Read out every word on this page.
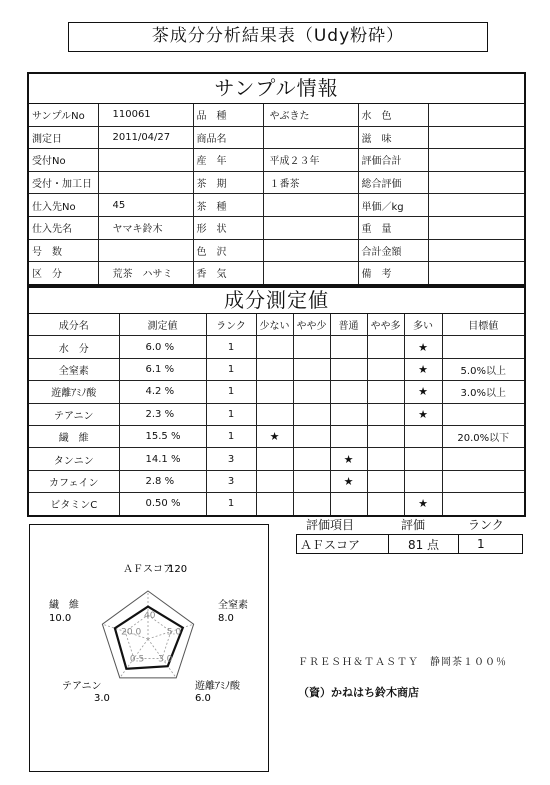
茶成分分析結果表（Udy粉砕）
サンプル情報
サンプルNo	110061	品　種	やぶきた	水　色	
測定日	2011/04/27	商品名		滋　味	
受付No		産　年	平成２３年	評価合計	
受付・加工日		茶　期	１番茶	総合評価	
仕入先No	45	茶　種		単価／kg	
仕入先名	ヤマキ鈴木	形　状		重　量	
号　数		色　沢		合計金額	
区　分	荒茶　ハサミ	香　気		備　考	
成分測定値
成分名	測定値	ランク	少ない	やや少	普通	やや多	多い	目標値
水　分	6.0 %	1					★	
全窒素	6.1 %	1					★	5.0%以上
遊離ｱﾐﾉ酸	4.2 %	1					★	3.0%以上
テアニン	2.3 %	1					★	
繊　維	15.5 %	1	★					20.0%以下
タンニン	14.1 %	3			★			
カフェイン	2.8 %	3			★			
ビタミンC	0.50 %	1					★	
40
5.0
3.0
0.5
20.0
ＡＦスコア
120
全窒素
8.0
遊離ｱﾐﾉ酸
6.0
テアニン
3.0
繊　維
10.0
評価項目	評価	ランク
ＡＦスコア	81 点	1
ＦＲＥＳＨ＆ＴＡＳＴＹ　静岡茶１００％
（資）かねはち鈴木商店
